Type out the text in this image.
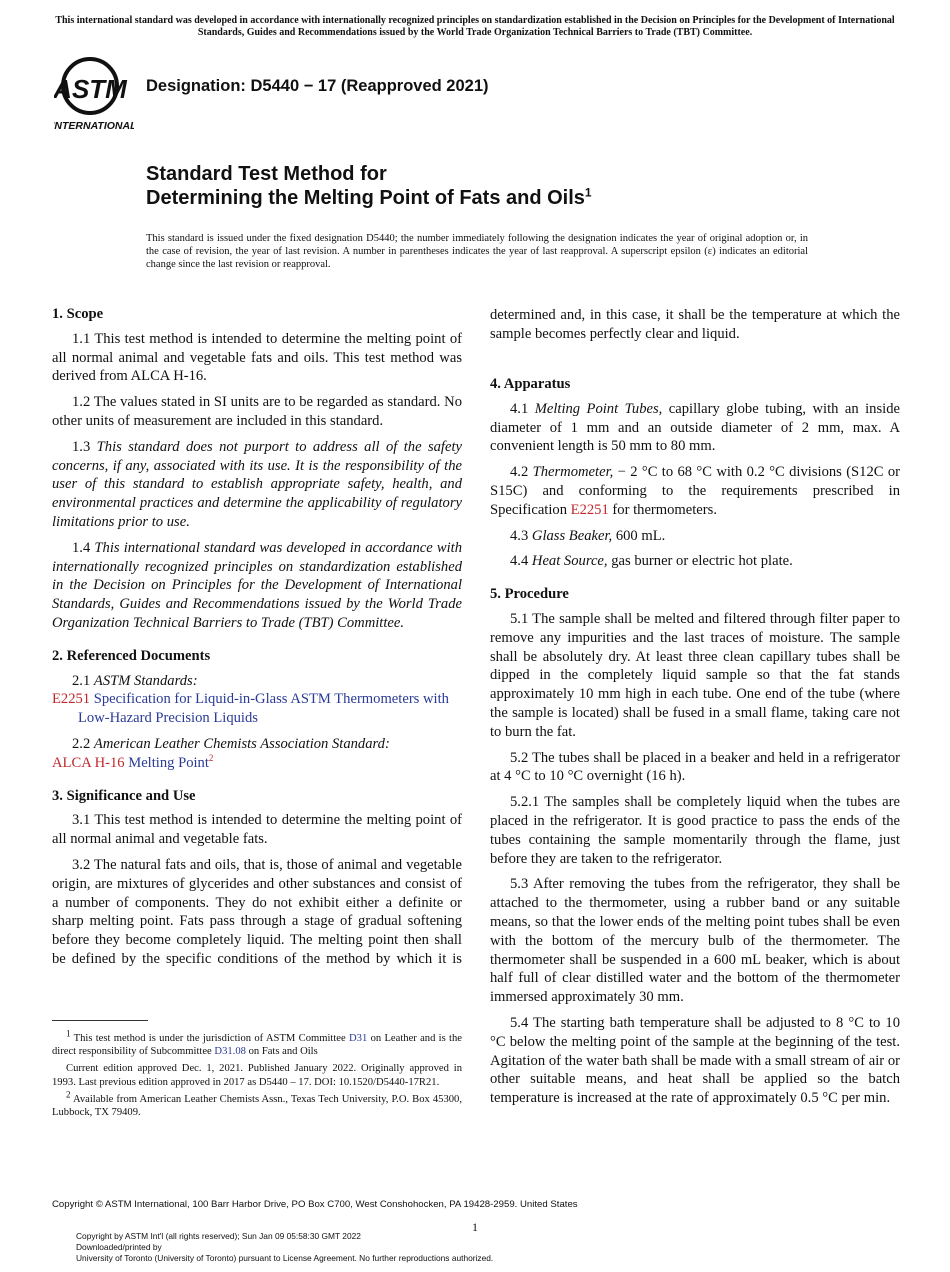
This international standard was developed in accordance with internationally recognized principles on standardization established in the Decision on Principles for the Development of International Standards, Guides and Recommendations issued by the World Trade Organization Technical Barriers to Trade (TBT) Committee.
ASTM
INTERNATIONAL
Designation: D5440 − 17 (Reapproved 2021)
Standard Test Method for
Determining the Melting Point of Fats and Oils$^1$
This standard is issued under the fixed designation D5440; the number immediately following the designation indicates the year of original adoption or, in the case of revision, the year of last revision. A number in parentheses indicates the year of last reapproval. A superscript epsilon (ε) indicates an editorial change since the last revision or reapproval.
1. Scope

1.1 This test method is intended to determine the melting point of all normal animal and vegetable fats and oils. This test method was derived from ALCA H-16.

1.2 The values stated in SI units are to be regarded as standard. No other units of measurement are included in this standard.

1.3 This standard does not purport to address all of the safety concerns, if any, associated with its use. It is the responsibility of the user of this standard to establish appropriate safety, health, and environmental practices and determine the applicability of regulatory limitations prior to use.

1.4 This international standard was developed in accordance with internationally recognized principles on standardization established in the Decision on Principles for the Development of International Standards, Guides and Recommendations issued by the World Trade Organization Technical Barriers to Trade (TBT) Committee.

2. Referenced Documents

2.1 ASTM Standards:

E2251 Specification for Liquid-in-Glass ASTM Thermometers with Low-Hazard Precision Liquids

2.2 American Leather Chemists Association Standard:

ALCA H-16 Melting Point$^2$

3. Significance and Use

3.1 This test method is intended to determine the melting point of all normal animal and vegetable fats.

3.2 The natural fats and oils, that is, those of animal and vegetable origin, are mixtures of glycerides and other substances and consist of a number of components. They do not exhibit either a definite or sharp melting point. Fats pass through a stage of gradual softening before they become completely liquid. The melting point then shall be defined by the specific conditions of the method by which it is

determined and, in this case, it shall be the temperature at which the sample becomes perfectly clear and liquid.

4. Apparatus

4.1 Melting Point Tubes, capillary globe tubing, with an inside diameter of 1 mm and an outside diameter of 2 mm, max. A convenient length is 50 mm to 80 mm.

4.2 Thermometer, − 2 °C to 68 °C with 0.2 °C divisions (S12C or S15C) and conforming to the requirements prescribed in Specification E2251 for thermometers.

4.3 Glass Beaker, 600 mL.

4.4 Heat Source, gas burner or electric hot plate.

5. Procedure

5.1 The sample shall be melted and filtered through filter paper to remove any impurities and the last traces of moisture. The sample shall be absolutely dry. At least three clean capillary tubes shall be dipped in the completely liquid sample so that the fat stands approximately 10 mm high in each tube. One end of the tube (where the sample is located) shall be fused in a small flame, taking care not to burn the fat.

5.2 The tubes shall be placed in a beaker and held in a refrigerator at 4 °C to 10 °C overnight (16 h).

5.2.1 The samples shall be completely liquid when the tubes are placed in the refrigerator. It is good practice to pass the ends of the tubes containing the sample momentarily through the flame, just before they are taken to the refrigerator.

5.3 After removing the tubes from the refrigerator, they shall be attached to the thermometer, using a rubber band or any suitable means, so that the lower ends of the melting point tubes shall be even with the bottom of the mercury bulb of the thermometer. The thermometer shall be suspended in a 600 mL beaker, which is about half full of clear distilled water and the bottom of the thermometer immersed approximately 30 mm.

5.4 The starting bath temperature shall be adjusted to 8 °C to 10 °C below the melting point of the sample at the beginning of the test. Agitation of the water bath shall be made with a small stream of air or other suitable means, and heat shall be applied so the batch temperature is increased at the rate of approximately 0.5 °C per min.

$^1$ This test method is under the jurisdiction of ASTM Committee D31 on Leather and is the direct responsibility of Subcommittee D31.08 on Fats and Oils

Current edition approved Dec. 1, 2021. Published January 2022. Originally approved in 1993. Last previous edition approved in 2017 as D5440 – 17. DOI: 10.1520/D5440-17R21.

$^2$ Available from American Leather Chemists Assn., Texas Tech University, P.O. Box 45300, Lubbock, TX 79409.

Copyright © ASTM International, 100 Barr Harbor Drive, PO Box C700, West Conshohocken, PA 19428-2959. United States
1
Copyright by ASTM Int'l (all rights reserved); Sun Jan 09 05:58:30 GMT 2022
Downloaded/printed by
University of Toronto (University of Toronto) pursuant to License Agreement. No further reproductions authorized.
